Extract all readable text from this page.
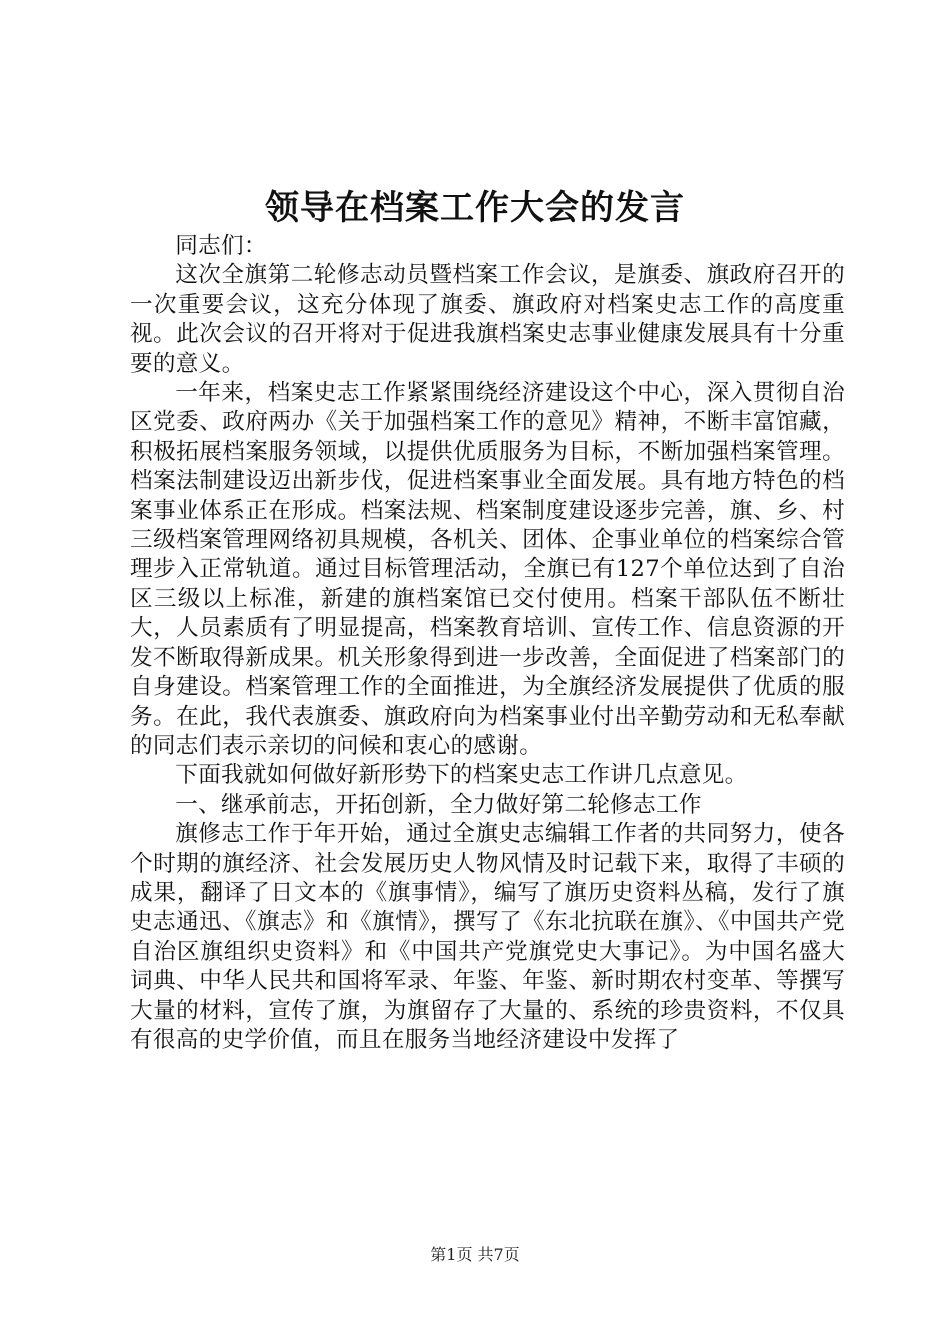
领导在档案工作大会的发言

同志们：

这次全旗第二轮修志动员暨档案工作会议，是旗委、旗政府召开的一次重要会议，这充分体现了旗委、旗政府对档案史志工作的高度重视。此次会议的召开将对于促进我旗档案史志事业健康发展具有十分重要的意义。

一年来，档案史志工作紧紧围绕经济建设这个中心，深入贯彻自治区党委、政府两办《关于加强档案工作的意见》精神，不断丰富馆藏，积极拓展档案服务领域，以提供优质服务为目标，不断加强档案管理。档案法制建设迈出新步伐，促进档案事业全面发展。具有地方特色的档案事业体系正在形成。档案法规、档案制度建设逐步完善，旗、乡、村三级档案管理网络初具规模，各机关、团体、企事业单位的档案综合管理步入正常轨道。通过目标管理活动，全旗已有127个单位达到了自治区三级以上标准，新建的旗档案馆已交付使用。档案干部队伍不断壮大，人员素质有了明显提高，档案教育培训、宣传工作、信息资源的开发不断取得新成果。机关形象得到进一步改善，全面促进了档案部门的自身建设。档案管理工作的全面推进，为全旗经济发展提供了优质的服务。在此，我代表旗委、旗政府向为档案事业付出辛勤劳动和无私奉献的同志们表示亲切的问候和衷心的感谢。

下面我就如何做好新形势下的档案史志工作讲几点意见。

一、继承前志，开拓创新，全力做好第二轮修志工作

旗修志工作于年开始，通过全旗史志编辑工作者的共同努力，使各个时期的旗经济、社会发展历史人物风情及时记载下来，取得了丰硕的成果，翻译了日文本的《旗事情》，编写了旗历史资料丛稿，发行了旗史志通迅、《旗志》和《旗情》，撰写了《东北抗联在旗》、《中国共产党自治区旗组织史资料》和《中国共产党旗党史大事记》。为中国名盛大词典、中华人民共和国将军录、年鉴、年鉴、新时期农村变革、等撰写大量的材料，宣传了旗，为旗留存了大量的、系统的珍贵资料，不仅具有很高的史学价值，而且在服务当地经济建设中发挥了

第1页 共7页
